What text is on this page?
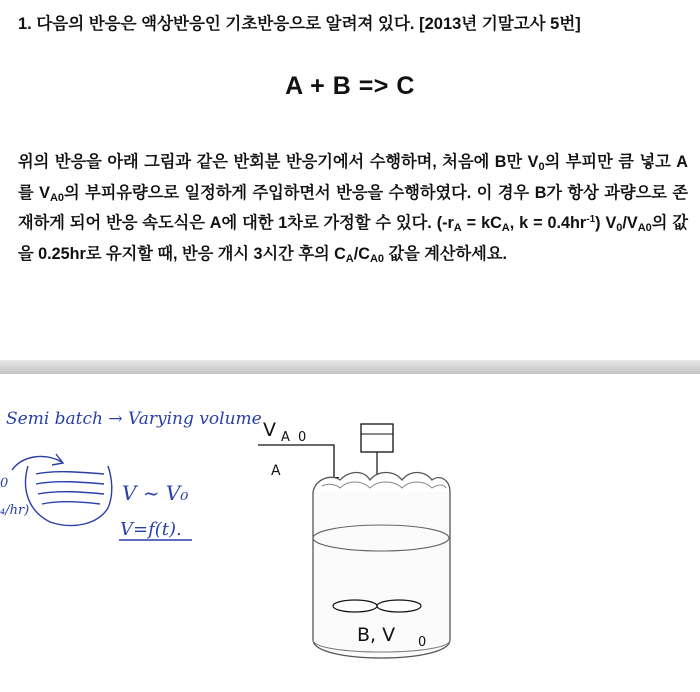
1. 다음의 반응은 액상반응인 기초반응으로 알려져 있다. [2013년 기말고사 5번]
A + B => C
위의 반응을 아래 그림과 같은 반회분 반응기에서 수행하며, 처음에 B만 $V_0$의 부피만 큼 넣고 A를 $V_{A0}$의 부피유량으로 일정하게 주입하면서 반응을 수행하였다. 이 경우 B가 항상 과량으로 존재하게 되어 반응 속도식은 A에 대한 1차로 가정할 수 있다. ($-r_A = kC_A$, $k = 0.4hr^{-1}$) $V_0/V_{A0}$의 값을 0.25hr로 유지할 때, 반응 개시 3시간 후의 $C_A/C_{A0}$ 값을 계산하세요.
Semi batch → Varying volume
V ~ V₀
V=f(t).
0
₄/hr)
V A 0
A
B, V 0
